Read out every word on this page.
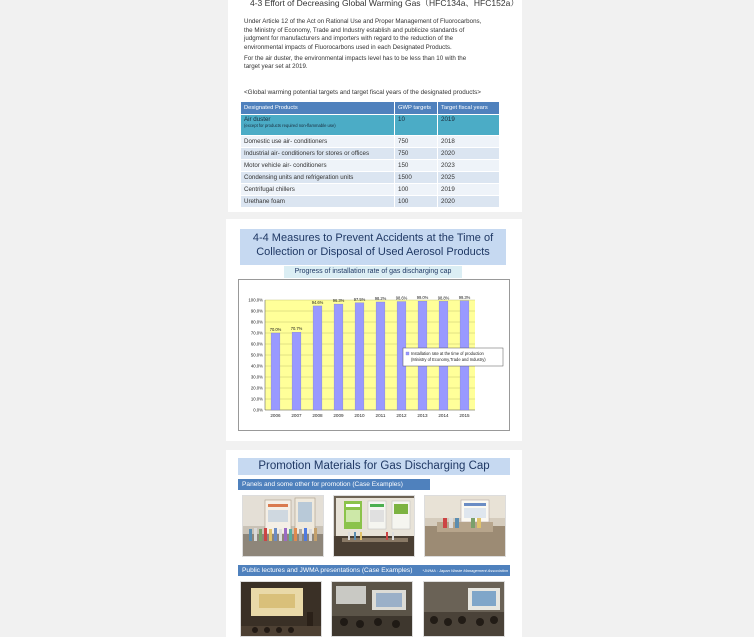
4-3 Effort of Decreasing Global Warming Gas（HFC134a、HFC152a）
Under Article 12 of the Act on Rational Use and Proper Management of Fluorocarbons,
the Ministry of Economy, Trade and Industry establish and publicize standards of
judgment for manufacturers and importers with regard to the reduction of the
environmental impacts of Fluorocarbons used in each Designated Products.
For the air duster, the environmental impacts level has to be less than 10 with the
target year set at 2019.
<Global warming potential targets and target fiscal years of the designated products>
Designated Products	GWP targets	Target fiscal years
Air duster
(except for products required non-flammable use)	10	2019
Domestic use air- conditioners	750	2018
Industrial air- conditioners for stores or offices	750	2020
Motor vehicle air- conditioners	150	2023
Condensing units and refrigeration units	1500	2025
Centrifugal chillers	100	2019
Urethane foam	100	2020
4-4 Measures to Prevent Accidents at the Time of
Collection or Disposal of Used Aerosol Products
Progress of installation rate of gas discharging cap
0.0%
10.0%
20.0%
30.0%
40.0%
50.0%
60.0%
70.0%
80.0%
90.0%
100.0%
70.0%
2006
70.7%
2007
94.6%
2008
96.3%
2009
97.5%
2010
98.2%
2011
98.6%
2012
99.0%
2013
98.8%
2014
99.3%
2015
Installation rate at the time of production
(Ministry of Economy,Trade and Industry)
Promotion Materials for Gas Discharging Cap
Panels and some other for promotion (Case Examples)
Public lectures and JWMA presentations (Case Examples)	*JWMA : Japan Waste Management Association
